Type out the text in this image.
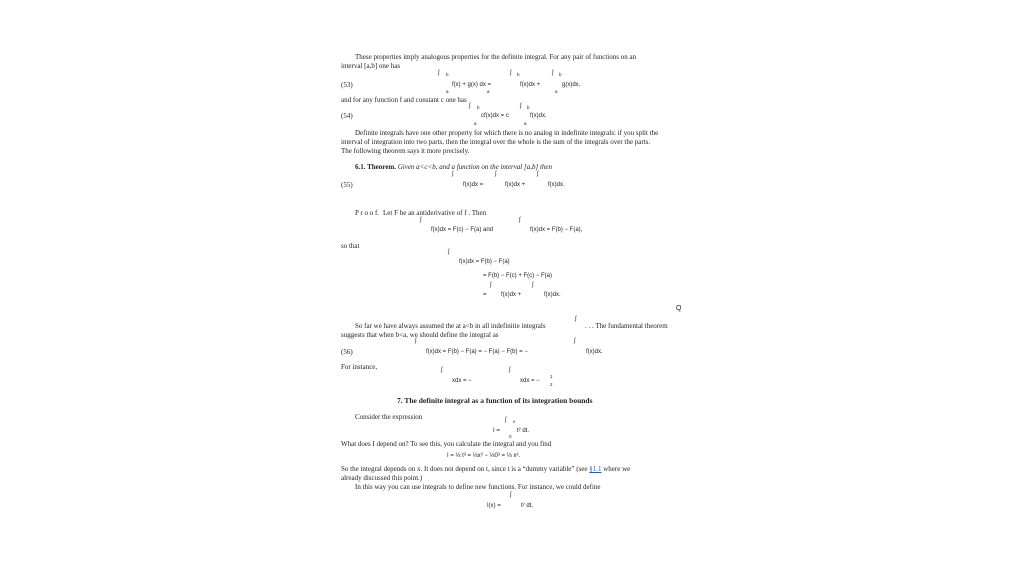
These properties imply analogous properties for the definite integral. For any pair of functions on an
interval [a,b] one has
(53)
∫ b
a
f(x) + g(x) dx =
∫ b
a
f(x)dx +
∫ b
a
g(x)dx,
and for any function f and constant c one has
(54)
∫ b
a
cf(x)dx = c
∫ b
a
f(x)dx.
Definite integrals have one other property for which there is no analog in indefinite integrals: if you split the
interval of integration into two parts, then the integral over the whole is the sum of the integrals over the parts.
The following theorem says it more precisely.
6.1. Theorem. Given a<c<b, and a function on the interval [a,b] then
(55)
∫
f(x)dx =
∫
f(x)dx +
∫
f(x)dx.
P r o o f. Let F be an antiderivative of f . Then
∫
f(x)dx = F(c) − F(a) and
∫
f(x)dx = F(b) − F(a),
so that
∫
f(x)dx = F(b) − F(a)
= F(b) − F(c) + F(c) − F(a)
=
∫
f(x)dx +
∫
f(x)dx.
Q
So far we have always assumed the at a<b in all indefinitie integrals
∫
. . . The fundamental theorem
suggests that when b<a, we should define the integral as
(56)
∫
f(x)dx = F(b) − F(a) = − F(a) − F(b) = −
∫
f(x)dx.
For instance,	∫
xdx = −
∫
xdx = −
1
2
7. The definite integral as a function of its integration bounds
Consider the expression	∫ x
0
I =	t² dt.
What does I depend on? To see this, you calculate the integral and you find
I = ⅓ t³ = ⅓x³ − ⅓0³ = ⅓ x³.
So the integral depends on x. It does not depend on t, since t is a “dummy variable” (see §1.1 where we
already discussed this point.)
In this way you can use integrals to define new functions. For instance, we could define
∫
I(x) =	t² dt,
